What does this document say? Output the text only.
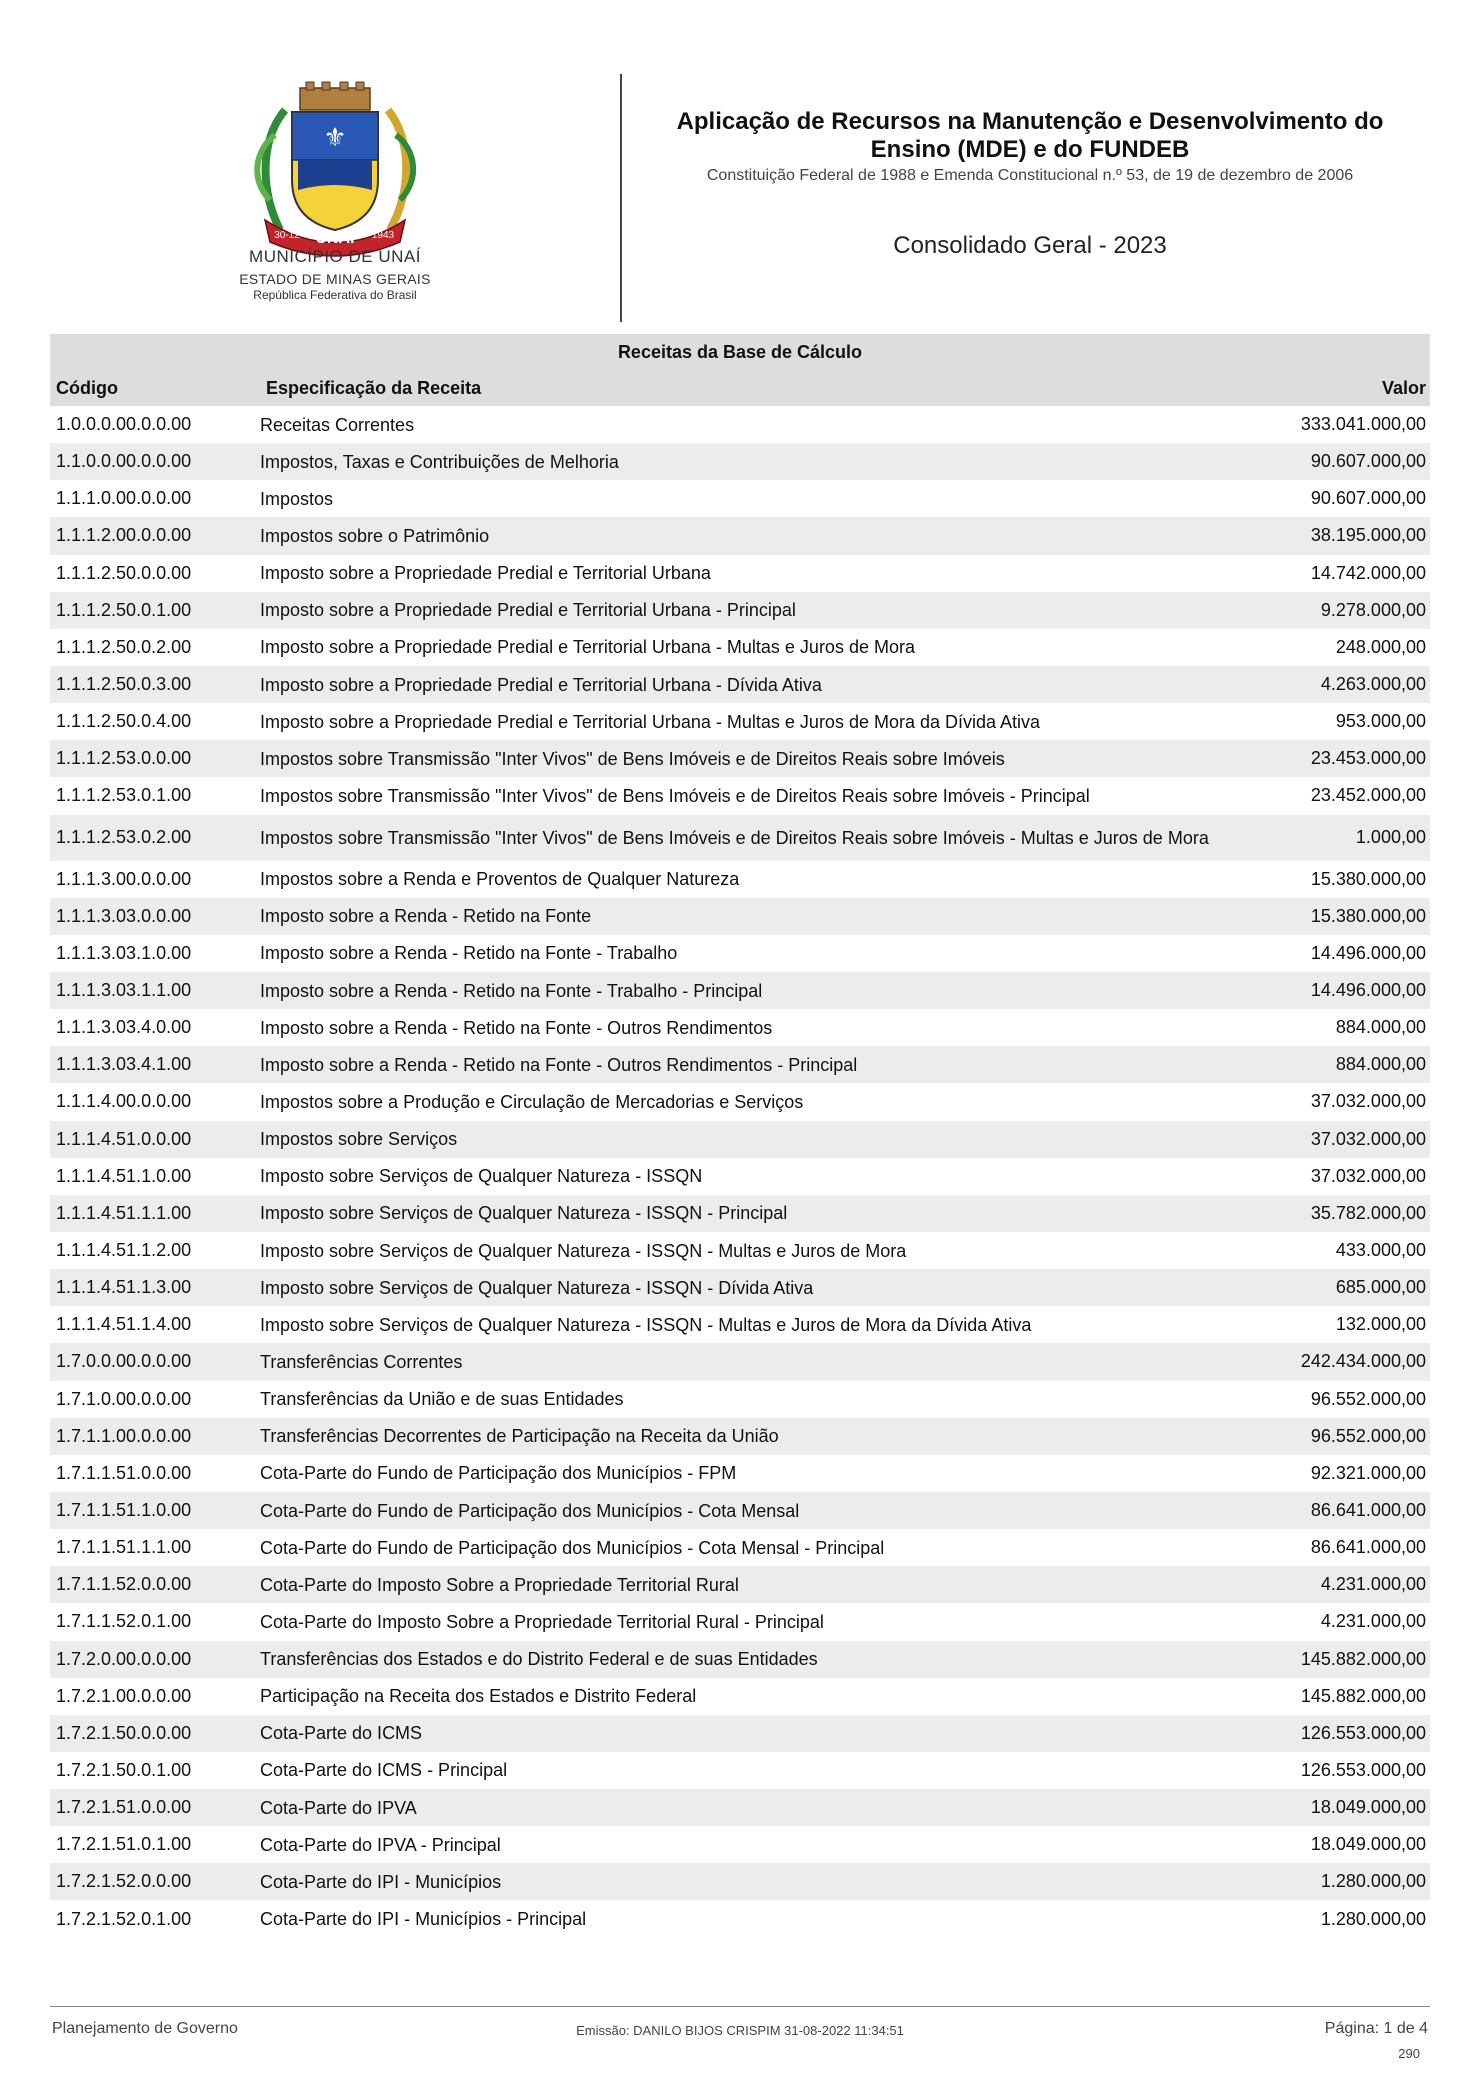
⚜
UNAÍ
30-12	1943
MUNICÍPIO DE UNAÍ
ESTADO DE MINAS GERAIS
República Federativa do Brasil
Aplicação de Recursos na Manutenção e Desenvolvimento do Ensino (MDE) e do FUNDEB
Constituição Federal de 1988 e Emenda Constitucional n.º 53, de 19 de dezembro de 2006
Consolidado Geral - 2023
Receitas da Base de Cálculo
Código	Especificação da Receita	Valor
1.0.0.0.00.0.0.00	Receitas Correntes	333.041.000,00
1.1.0.0.00.0.0.00	Impostos, Taxas e Contribuições de Melhoria	90.607.000,00
1.1.1.0.00.0.0.00	Impostos	90.607.000,00
1.1.1.2.00.0.0.00	Impostos sobre o Patrimônio	38.195.000,00
1.1.1.2.50.0.0.00	Imposto sobre a Propriedade Predial e Territorial Urbana	14.742.000,00
1.1.1.2.50.0.1.00	Imposto sobre a Propriedade Predial e Territorial Urbana - Principal	9.278.000,00
1.1.1.2.50.0.2.00	Imposto sobre a Propriedade Predial e Territorial Urbana - Multas e Juros de Mora	248.000,00
1.1.1.2.50.0.3.00	Imposto sobre a Propriedade Predial e Territorial Urbana - Dívida Ativa	4.263.000,00
1.1.1.2.50.0.4.00	Imposto sobre a Propriedade Predial e Territorial Urbana - Multas e Juros de Mora da Dívida Ativa	953.000,00
1.1.1.2.53.0.0.00	Impostos sobre Transmissão "Inter Vivos" de Bens Imóveis e de Direitos Reais sobre Imóveis	23.453.000,00
1.1.1.2.53.0.1.00	Impostos sobre Transmissão "Inter Vivos" de Bens Imóveis e de Direitos Reais sobre Imóveis - Principal	23.452.000,00
1.1.1.2.53.0.2.00	Impostos sobre Transmissão "Inter Vivos" de Bens Imóveis e de Direitos Reais sobre Imóveis - Multas e Juros de Mora	1.000,00
1.1.1.3.00.0.0.00	Impostos sobre a Renda e Proventos de Qualquer Natureza	15.380.000,00
1.1.1.3.03.0.0.00	Imposto sobre a Renda - Retido na Fonte	15.380.000,00
1.1.1.3.03.1.0.00	Imposto sobre a Renda - Retido na Fonte - Trabalho	14.496.000,00
1.1.1.3.03.1.1.00	Imposto sobre a Renda - Retido na Fonte - Trabalho - Principal	14.496.000,00
1.1.1.3.03.4.0.00	Imposto sobre a Renda - Retido na Fonte - Outros Rendimentos	884.000,00
1.1.1.3.03.4.1.00	Imposto sobre a Renda - Retido na Fonte - Outros Rendimentos - Principal	884.000,00
1.1.1.4.00.0.0.00	Impostos sobre a Produção e Circulação de Mercadorias e Serviços	37.032.000,00
1.1.1.4.51.0.0.00	Impostos sobre Serviços	37.032.000,00
1.1.1.4.51.1.0.00	Imposto sobre Serviços de Qualquer Natureza - ISSQN	37.032.000,00
1.1.1.4.51.1.1.00	Imposto sobre Serviços de Qualquer Natureza - ISSQN - Principal	35.782.000,00
1.1.1.4.51.1.2.00	Imposto sobre Serviços de Qualquer Natureza - ISSQN - Multas e Juros de Mora	433.000,00
1.1.1.4.51.1.3.00	Imposto sobre Serviços de Qualquer Natureza - ISSQN - Dívida Ativa	685.000,00
1.1.1.4.51.1.4.00	Imposto sobre Serviços de Qualquer Natureza - ISSQN - Multas e Juros de Mora da Dívida Ativa	132.000,00
1.7.0.0.00.0.0.00	Transferências Correntes	242.434.000,00
1.7.1.0.00.0.0.00	Transferências da União e de suas Entidades	96.552.000,00
1.7.1.1.00.0.0.00	Transferências Decorrentes de Participação na Receita da União	96.552.000,00
1.7.1.1.51.0.0.00	Cota-Parte do Fundo de Participação dos Municípios - FPM	92.321.000,00
1.7.1.1.51.1.0.00	Cota-Parte do Fundo de Participação dos Municípios - Cota Mensal	86.641.000,00
1.7.1.1.51.1.1.00	Cota-Parte do Fundo de Participação dos Municípios - Cota Mensal - Principal	86.641.000,00
1.7.1.1.52.0.0.00	Cota-Parte do Imposto Sobre a Propriedade Territorial Rural	4.231.000,00
1.7.1.1.52.0.1.00	Cota-Parte do Imposto Sobre a Propriedade Territorial Rural - Principal	4.231.000,00
1.7.2.0.00.0.0.00	Transferências dos Estados e do Distrito Federal e de suas Entidades	145.882.000,00
1.7.2.1.00.0.0.00	Participação na Receita dos Estados e Distrito Federal	145.882.000,00
1.7.2.1.50.0.0.00	Cota-Parte do ICMS	126.553.000,00
1.7.2.1.50.0.1.00	Cota-Parte do ICMS - Principal	126.553.000,00
1.7.2.1.51.0.0.00	Cota-Parte do IPVA	18.049.000,00
1.7.2.1.51.0.1.00	Cota-Parte do IPVA - Principal	18.049.000,00
1.7.2.1.52.0.0.00	Cota-Parte do IPI - Municípios	1.280.000,00
1.7.2.1.52.0.1.00	Cota-Parte do IPI - Municípios - Principal	1.280.000,00
Planejamento de Governo	Emissão: DANILO BIJOS CRISPIM 31-08-2022 11:34:51	Página: 1 de 4
290
